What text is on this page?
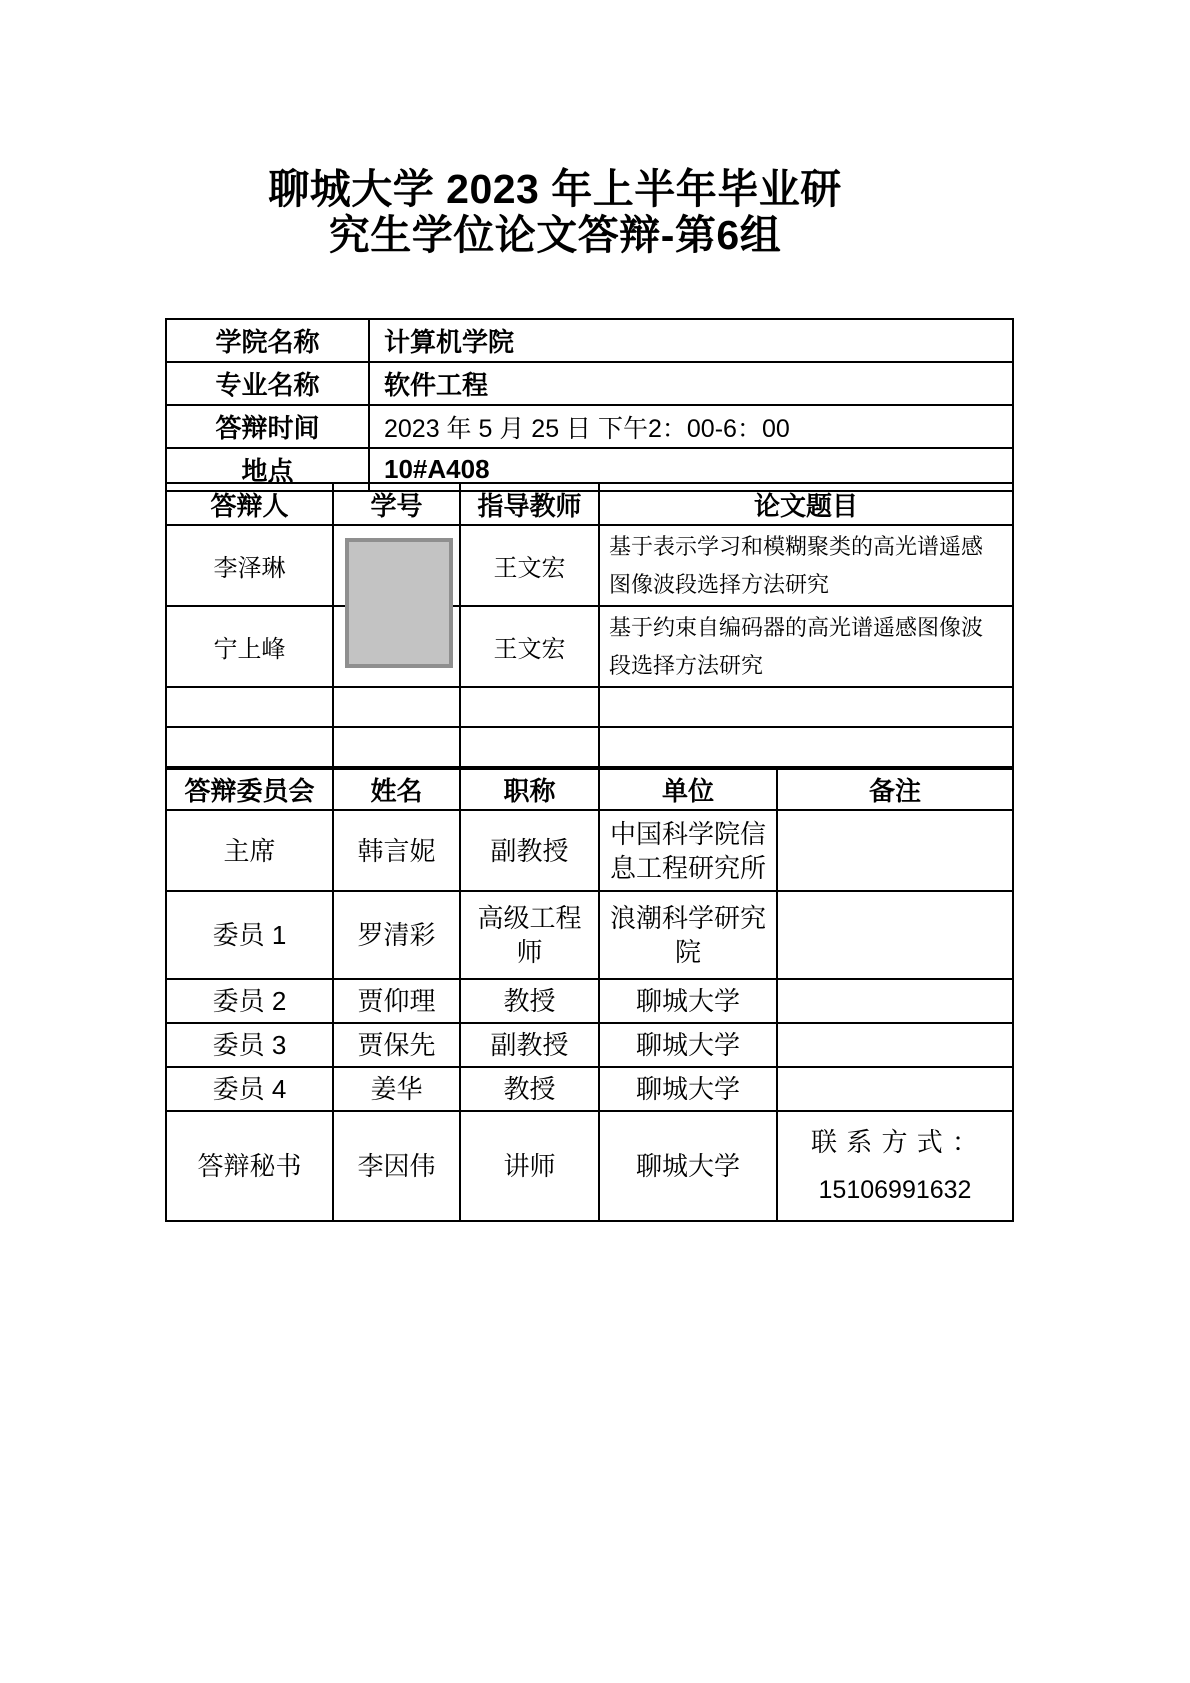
聊城大学 2023 年上半年毕业研
究生学位论文答辩-第6组
学院名称	计算机学院
专业名称	软件工程
答辩时间	2023 年 5 月 25 日 下午2：00-6：00
地点	10#A408
答辩人	学号	指导教师	论文题目
李泽琳		王文宏	基于表示学习和模糊聚类的高光谱遥感图像波段选择方法研究
宁上峰		王文宏	基于约束自编码器的高光谱遥感图像波段选择方法研究

答辩委员会	姓名	职称	单位	备注
主席	韩言妮	副教授	中国科学院信息工程研究所	
委员 1	罗清彩	高级工程师	浪潮科学研究院	
委员 2	贾仰理	教授	聊城大学	
委员 3	贾保先	副教授	聊城大学	
委员 4	姜华	教授	聊城大学	
答辩秘书	李因伟	讲师	聊城大学	联 系 方 式 ：
15106991632
